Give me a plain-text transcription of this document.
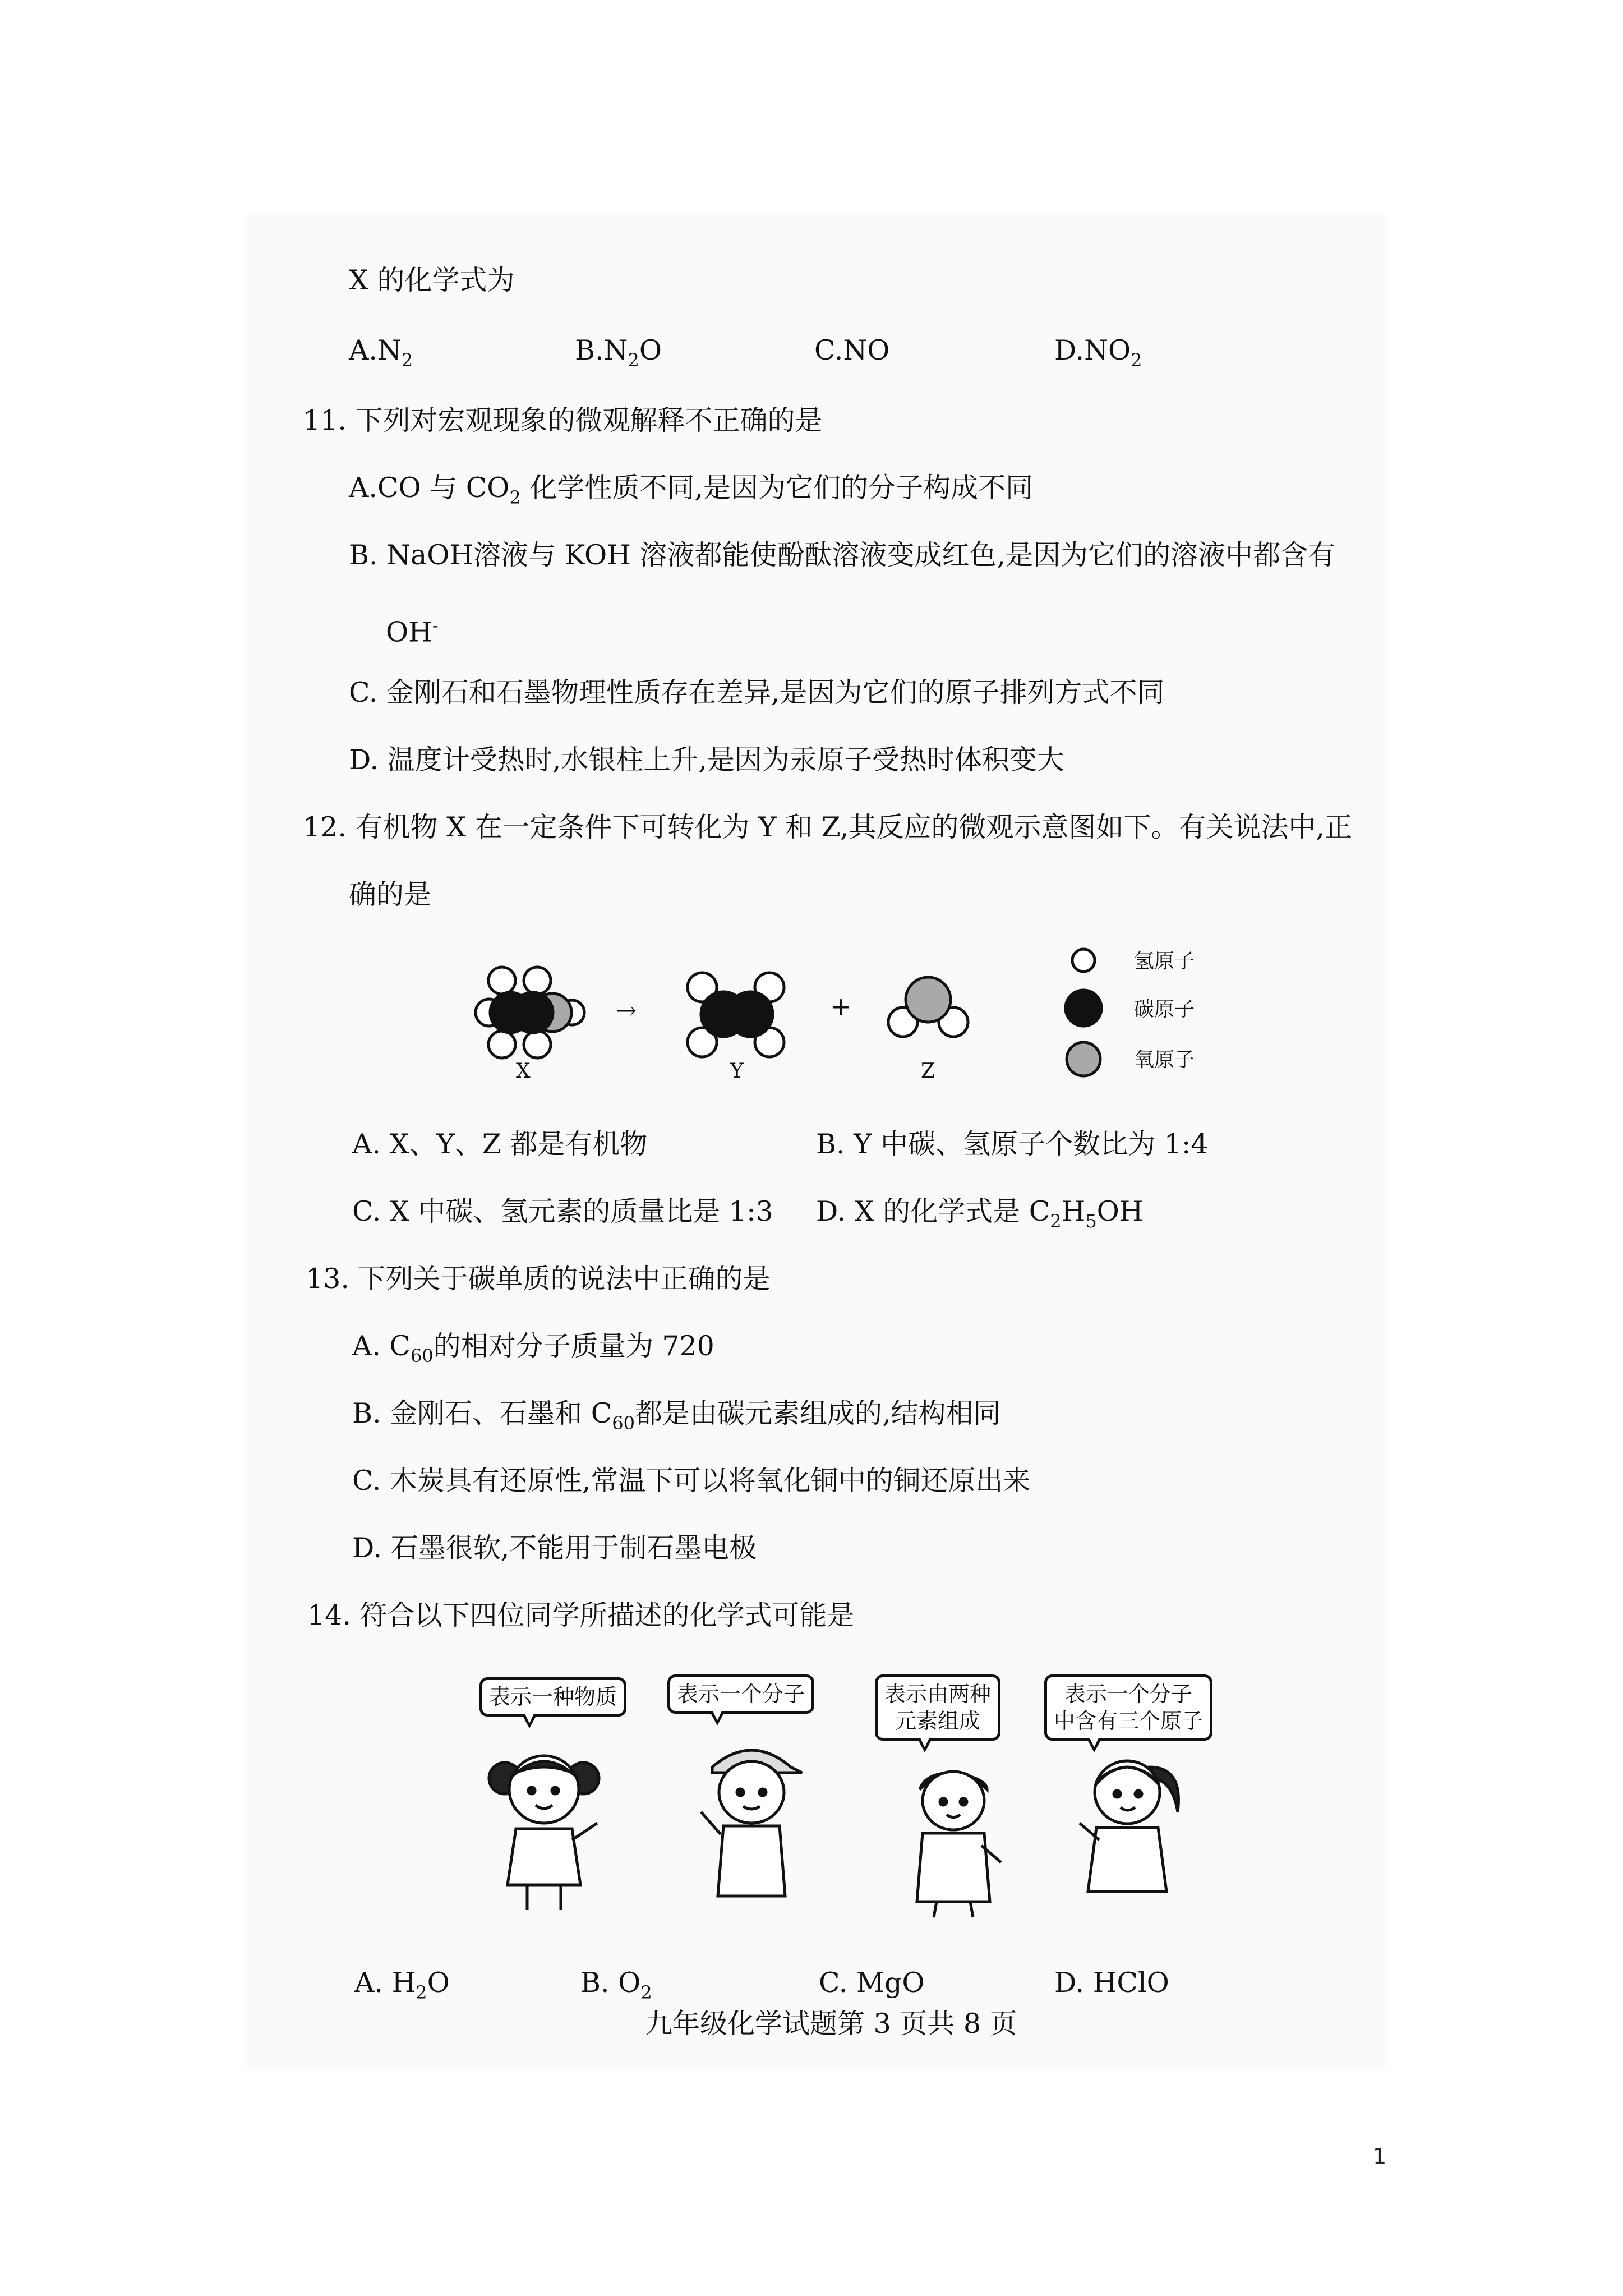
X 的化学式为
$A.N_2$	$B.N_2O$	C.NO	$D.NO_2$
11. 下列对宏观现象的微观解释不正确的是
A.CO 与 $CO_2$ 化学性质不同,是因为它们的分子构成不同
B. NaOH溶液与 KOH 溶液都能使酚酞溶液变成红色,是因为它们的溶液中都含有
OH-
C. 金刚石和石墨物理性质存在差异,是因为它们的原子排列方式不同
D. 温度计受热时,水银柱上升,是因为汞原子受热时体积变大
12. 有机物 X 在一定条件下可转化为 Y 和 Z,其反应的微观示意图如下。有关说法中,正
确的是
→	+
X	Y	Z
氢原子
碳原子
氧原子
A. X、Y、Z 都是有机物	B. Y 中碳、氢原子个数比为 1:4
C. X 中碳、氢元素的质量比是 1:3 D. X 的化学式是 $C_2H_5OH$
13. 下列关于碳单质的说法中正确的是
A. $C_{60}$的相对分子质量为 720
B. 金刚石、石墨和 $C_{60}$都是由碳元素组成的,结构相同
C. 木炭具有还原性,常温下可以将氧化铜中的铜还原出来
D. 石墨很软,不能用于制石墨电极
14. 符合以下四位同学所描述的化学式可能是
表示一种物质	表示一个分子	表示由两种
元素组成
表示一个分子
中含有三个原子
A. $H_2O$	B. $O_2$	C. MgO	D. HClO
九年级化学试题第 3 页共 8 页
1
